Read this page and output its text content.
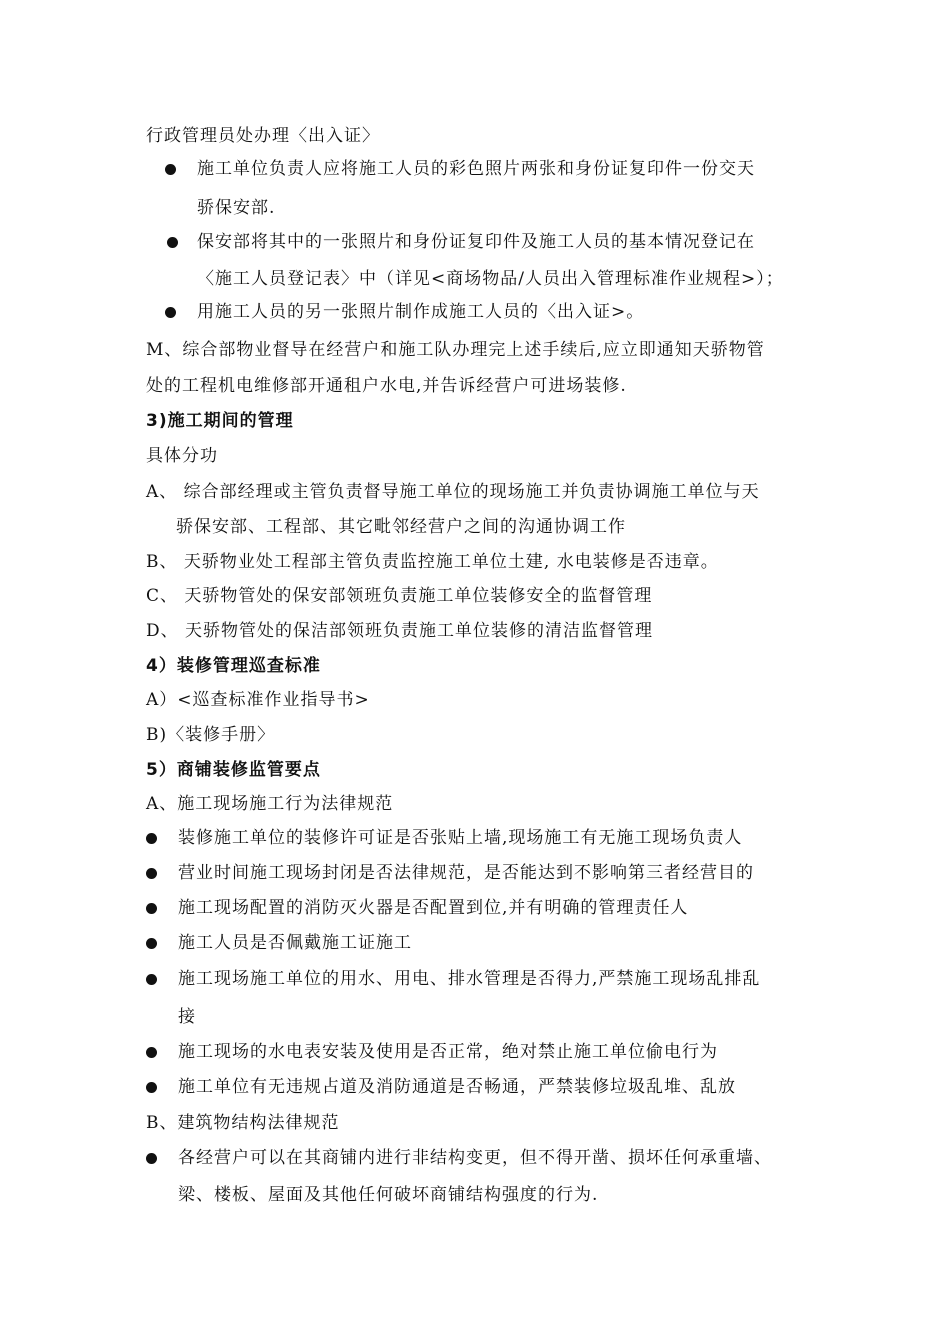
行政管理员处办理〈出入证〉
施工单位负责人应将施工人员的彩色照片两张和身份证复印件一份交天
骄保安部.
保安部将其中的一张照片和身份证复印件及施工人员的基本情况登记在
〈施工人员登记表〉中（详见<商场物品/人员出入管理标准作业规程>）；
用施工人员的另一张照片制作成施工人员的〈出入证>。
M、综合部物业督导在经营户和施工队办理完上述手续后,应立即通知天骄物管
处的工程机电维修部开通租户水电,并告诉经营户可进场装修.
3)施工期间的管理
具体分功
A、 综合部经理或主管负责督导施工单位的现场施工并负责协调施工单位与天
骄保安部、工程部、其它毗邻经营户之间的沟通协调工作
B、 天骄物业处工程部主管负责监控施工单位土建, 水电装修是否违章。
C、 天骄物管处的保安部领班负责施工单位装修安全的监督管理
D、 天骄物管处的保洁部领班负责施工单位装修的清洁监督管理
4）装修管理巡查标准
A）<巡查标准作业指导书>
B)〈装修手册〉
5）商铺装修监管要点
A、施工现场施工行为法律规范
装修施工单位的装修许可证是否张贴上墙,现场施工有无施工现场负责人
营业时间施工现场封闭是否法律规范，是否能达到不影响第三者经营目的
施工现场配置的消防灭火器是否配置到位,并有明确的管理责任人
施工人员是否佩戴施工证施工
施工现场施工单位的用水、用电、排水管理是否得力,严禁施工现场乱排乱
接
施工现场的水电表安装及使用是否正常，绝对禁止施工单位偷电行为
施工单位有无违规占道及消防通道是否畅通，严禁装修垃圾乱堆、乱放
B、建筑物结构法律规范
各经营户可以在其商铺内进行非结构变更，但不得开凿、损坏任何承重墙、
梁、楼板、屋面及其他任何破坏商铺结构强度的行为.
